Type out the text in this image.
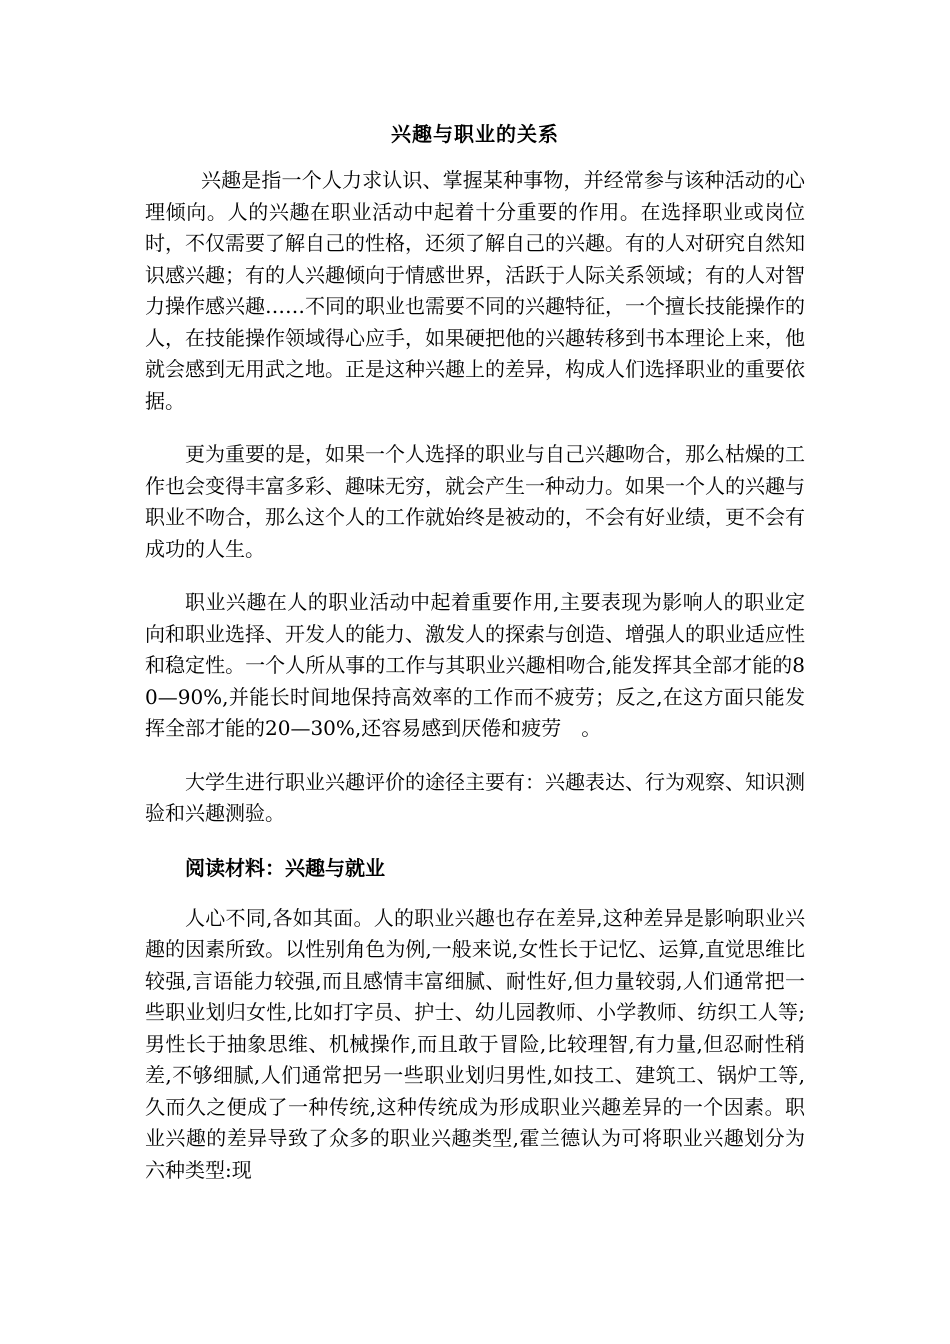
兴趣与职业的关系

兴趣是指一个人力求认识、掌握某种事物，并经常参与该种活动的心理倾向。人的兴趣在职业活动中起着十分重要的作用。在选择职业或岗位时，不仅需要了解自己的性格，还须了解自己的兴趣。有的人对研究自然知识感兴趣；有的人兴趣倾向于情感世界，活跃于人际关系领域；有的人对智力操作感兴趣……不同的职业也需要不同的兴趣特征，一个擅长技能操作的人，在技能操作领域得心应手，如果硬把他的兴趣转移到书本理论上来，他就会感到无用武之地。正是这种兴趣上的差异，构成人们选择职业的重要依据。

更为重要的是，如果一个人选择的职业与自己兴趣吻合，那么枯燥的工作也会变得丰富多彩、趣味无穷，就会产生一种动力。如果一个人的兴趣与职业不吻合，那么这个人的工作就始终是被动的，不会有好业绩，更不会有成功的人生。

职业兴趣在人的职业活动中起着重要作用,主要表现为影响人的职业定向和职业选择、开发人的能力、激发人的探索与创造、增强人的职业适应性和稳定性。一个人所从事的工作与其职业兴趣相吻合,能发挥其全部才能的80—90%,并能长时间地保持高效率的工作而不疲劳；反之,在这方面只能发挥全部才能的20—30%,还容易感到厌倦和疲劳　。

大学生进行职业兴趣评价的途径主要有：兴趣表达、行为观察、知识测验和兴趣测验。

阅读材料：兴趣与就业

人心不同,各如其面。人的职业兴趣也存在差异,这种差异是影响职业兴趣的因素所致。以性别角色为例,一般来说,女性长于记忆、运算,直觉思维比较强,言语能力较强,而且感情丰富细腻、耐性好,但力量较弱,人们通常把一些职业划归女性,比如打字员、护士、幼儿园教师、小学教师、纺织工人等;男性长于抽象思维、机械操作,而且敢于冒险,比较理智,有力量,但忍耐性稍差,不够细腻,人们通常把另一些职业划归男性,如技工、建筑工、锅炉工等,久而久之便成了一种传统,这种传统成为形成职业兴趣差异的一个因素。职业兴趣的差异导致了众多的职业兴趣类型,霍兰德认为可将职业兴趣划分为六种类型:现
